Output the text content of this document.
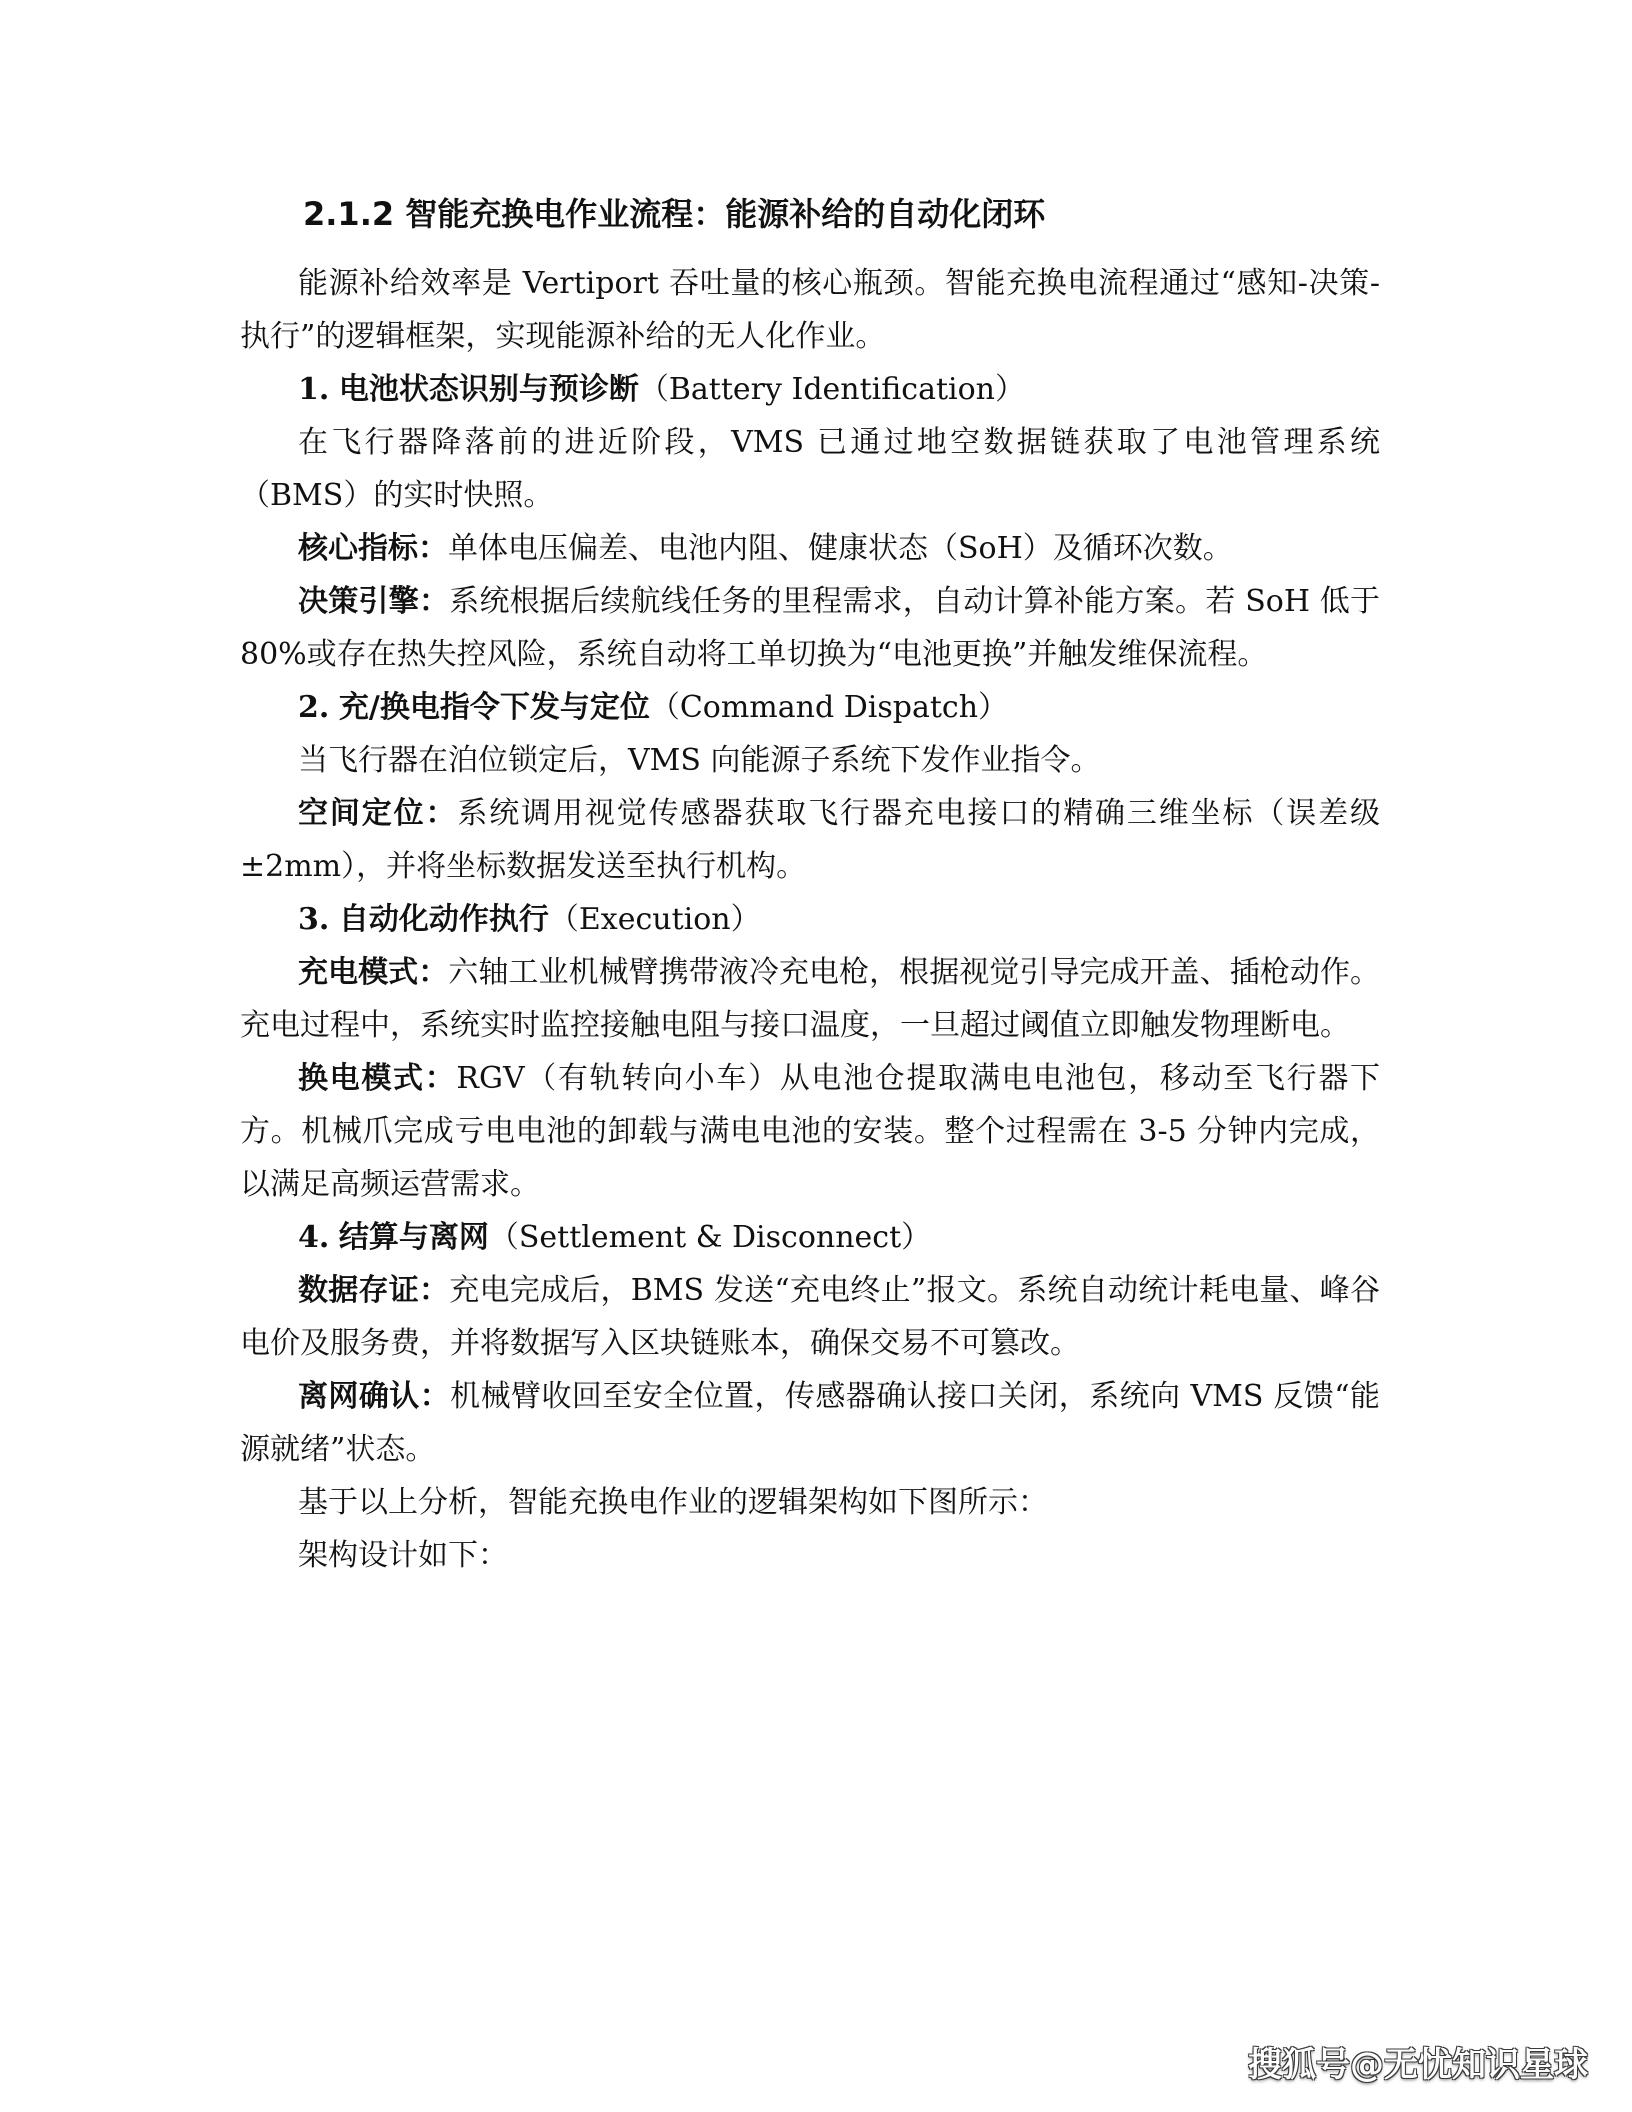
2.1.2 智能充换电作业流程：能源补给的自动化闭环

能源补给效率是 Vertiport 吞吐量的核心瓶颈。智能充换电流程通过“感知-决策-执行”的逻辑框架，实现能源补给的无人化作业。

1. 电池状态识别与预诊断（Battery Identification）

在飞行器降落前的进近阶段，VMS 已通过地空数据链获取了电池管理系统（BMS）的实时快照。

核心指标：单体电压偏差、电池内阻、健康状态（SoH）及循环次数。

决策引擎：系统根据后续航线任务的里程需求，自动计算补能方案。若 SoH 低于 80%或存在热失控风险，系统自动将工单切换为“电池更换”并触发维保流程。

2. 充/换电指令下发与定位（Command Dispatch）

当飞行器在泊位锁定后，VMS 向能源子系统下发作业指令。

空间定位：系统调用视觉传感器获取飞行器充电接口的精确三维坐标（误差级±2mm），并将坐标数据发送至执行机构。

3. 自动化动作执行（Execution）

充电模式：六轴工业机械臂携带液冷充电枪，根据视觉引导完成开盖、插枪动作。充电过程中，系统实时监控接触电阻与接口温度，一旦超过阈值立即触发物理断电。

换电模式：RGV（有轨转向小车）从电池仓提取满电电池包，移动至飞行器下方。机械爪完成亏电电池的卸载与满电电池的安装。整个过程需在 3-5 分钟内完成，以满足高频运营需求。

4. 结算与离网（Settlement & Disconnect）

数据存证：充电完成后，BMS 发送“充电终止”报文。系统自动统计耗电量、峰谷电价及服务费，并将数据写入区块链账本，确保交易不可篡改。

离网确认：机械臂收回至安全位置，传感器确认接口关闭，系统向 VMS 反馈“能源就绪”状态。

基于以上分析，智能充换电作业的逻辑架构如下图所示：

架构设计如下：

搜狐号@无忧知识星球
